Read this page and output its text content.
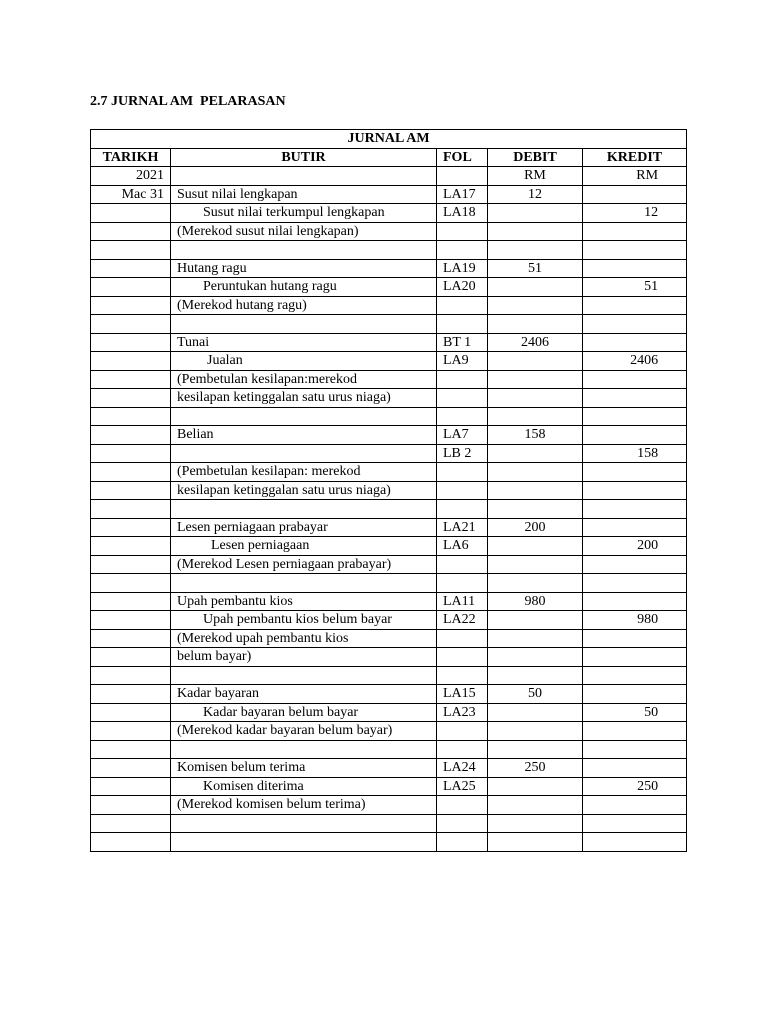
2.7 JURNAL AM  PELARASAN
JURNAL AM				
TARIKH	BUTIR	FOL	DEBIT	KREDIT
2021			RM	RM
Mac 31	Susut nilai lengkapan	LA17	12	
	Susut nilai terkumpul lengkapan	LA18		12
	(Merekod susut nilai lengkapan)			

	Hutang ragu	LA19	51	
	Peruntukan hutang ragu	LA20		51
	(Merekod hutang ragu)			

	Tunai	BT 1	2406	
	Jualan	LA9		2406
	(Pembetulan kesilapan:merekod			
	kesilapan ketinggalan satu urus niaga)			

	Belian	LA7	158	
		LB 2		158
	(Pembetulan kesilapan: merekod			
	kesilapan ketinggalan satu urus niaga)			

	Lesen perniagaan prabayar	LA21	200	
	Lesen perniagaan	LA6		200
	(Merekod Lesen perniagaan prabayar)			

	Upah pembantu kios	LA11	980	
	Upah pembantu kios belum bayar	LA22		980
	(Merekod upah pembantu kios			
	belum bayar)			

	Kadar bayaran	LA15	50	
	Kadar bayaran belum bayar	LA23		50
	(Merekod kadar bayaran belum bayar)			

	Komisen belum terima	LA24	250	
	Komisen diterima	LA25		250
	(Merekod komisen belum terima)			
